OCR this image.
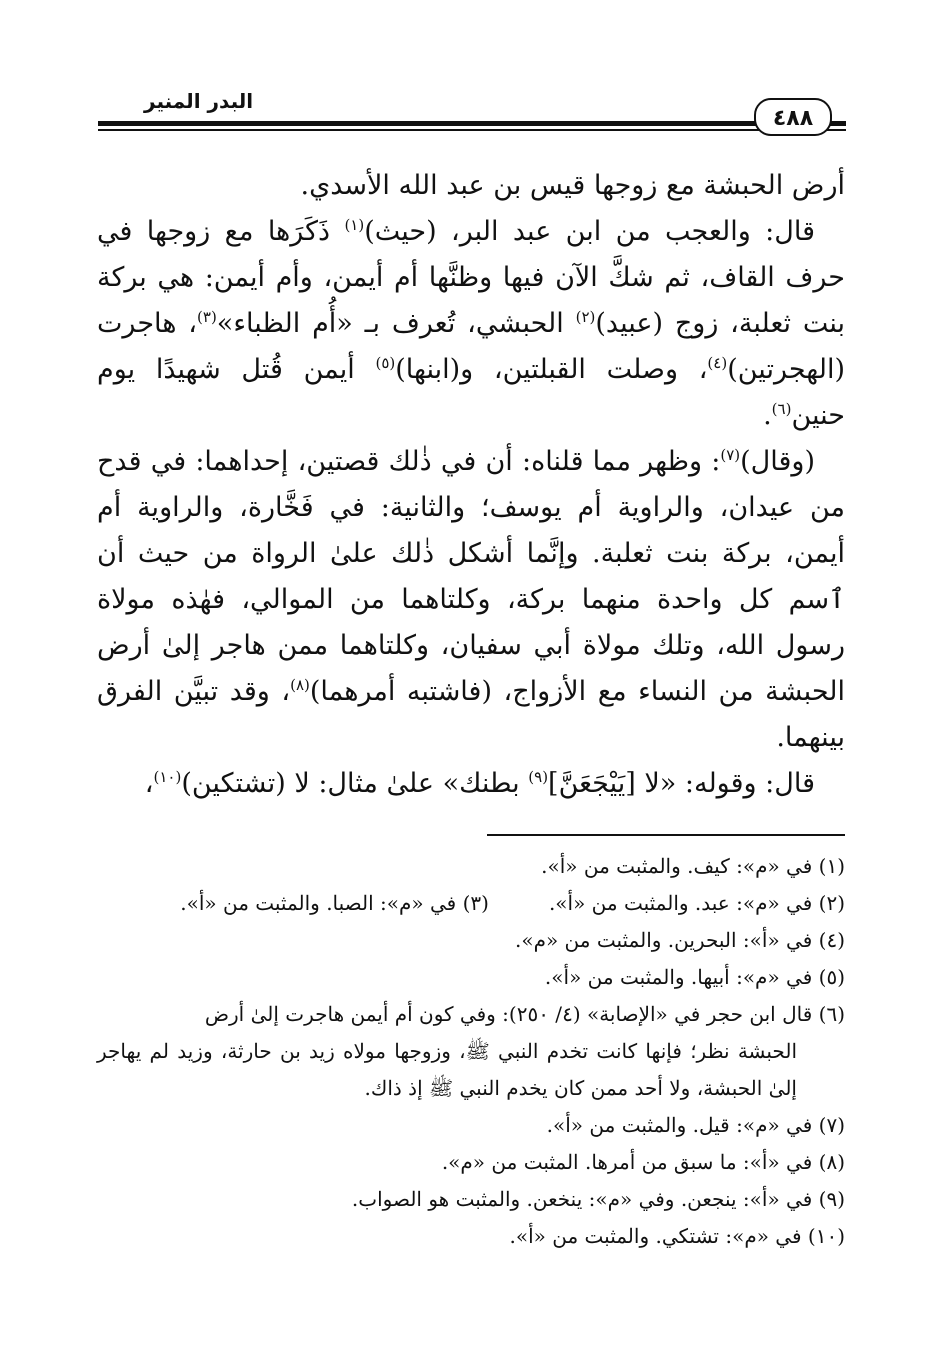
البدر المنير
٤٨٨

أرض الحبشة مع زوجها قيس بن عبد الله الأسدي.

قال: والعجب من ابن عبد البر، (حيث)$^{(١)}$ ذَكَرَها مع زوجها في حرف القاف، ثم شكَّ الآن فيها وظنَّها أم أيمن، وأم أيمن: هي بركة بنت ثعلبة، زوج (عبيد)$^{(٢)}$ الحبشي، تُعرف بـ «أُم الظباء»$^{(٣)}$، هاجرت (الهجرتين)$^{(٤)}$، وصلت القبلتين، و(ابنها)$^{(٥)}$ أيمن قُتل شهيدًا يوم حنين$^{(٦)}$.

(وقال)$^{(٧)}$: وظهر مما قلناه: أن في ذٰلك قصتين، إحداهما: في قدح من عيدان، والراوية أم يوسف؛ والثانية: في فَخَّارة، والراوية أم أيمن، بركة بنت ثعلبة. وإنَّما أشكل ذٰلك علىٰ الرواة من حيث أن ٱسم كل واحدة منهما بركة، وكلتاهما من الموالي، فهٰذه مولاة رسول الله، وتلك مولاة أبي سفيان، وكلتاهما ممن هاجر إلىٰ أرض الحبشة من النساء مع الأزواج، (فاشتبه أمرهما)$^{(٨)}$، وقد تبيَّن الفرق بينهما.

قال: وقوله: «لا [يَيْجَعَنَّ]$^{(٩)}$ بطنك» علىٰ مثال: لا (تشتكين)$^{(١٠)}$،

(١) في «م»: كيف. والمثبت من «أ».

(٢) في «م»: عبد. والمثبت من «أ».

(٣) في «م»: الصبا. والمثبت من «أ».

(٤) في «أ»: البحرين. والمثبت من «م».

(٥) في «م»: أبيها. والمثبت من «أ».

(٦) قال ابن حجر في «الإصابة» (٤/ ٢٥٠): وفي كون أم أيمن هاجرت إلىٰ أرض

الحبشة نظر؛ فإنها كانت تخدم النبي ﷺ، وزوجها مولاه زيد بن حارثة، وزيد لم يهاجر إلىٰ الحبشة، ولا أحد ممن كان يخدم النبي ﷺ إذ ذاك.

(٧) في «م»: قيل. والمثبت من «أ».

(٨) في «أ»: ما سبق من أمرها. المثبت من «م».

(٩) في «أ»: ينجعن. وفي «م»: ينخعن. والمثبت هو الصواب.

(١٠) في «م»: تشتكي. والمثبت من «أ».
